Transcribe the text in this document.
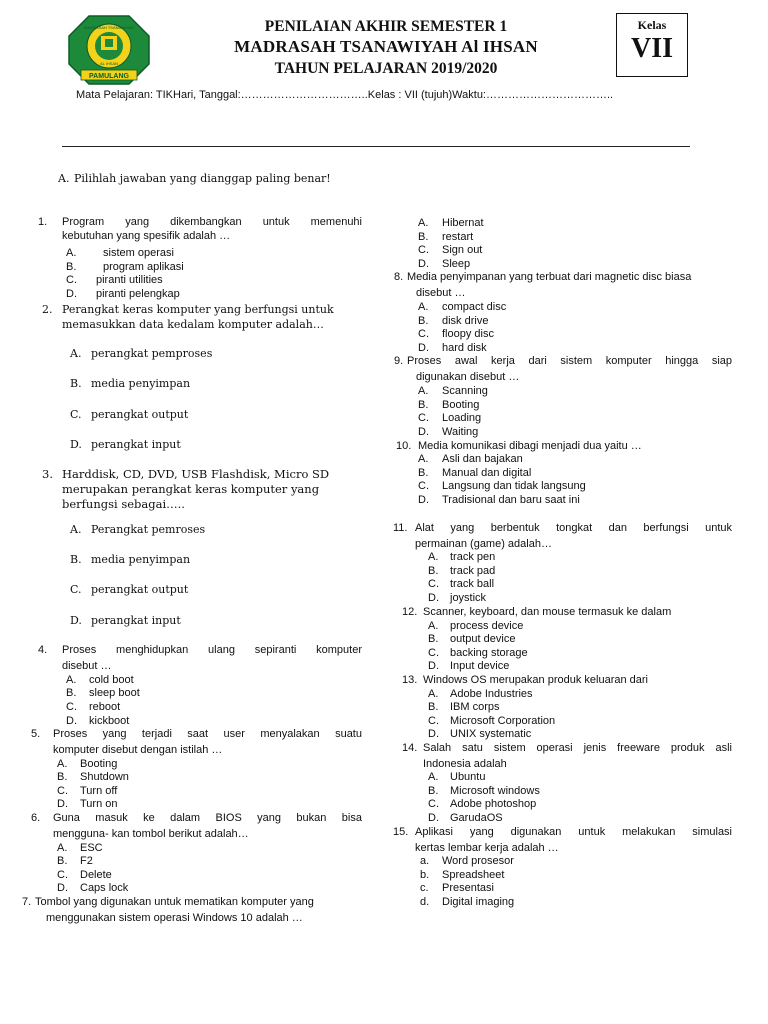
PAMULANG
MADRASAH TSANAWIYAH
AL IHSAN
PENILAIAN AKHIR SEMESTER 1
MADRASAH TSANAWIYAH Al IHSAN
TAHUN PELAJARAN 2019/2020
Kelas
VII
Mata Pelajaran: TIKHari, Tanggal:……………………………..Kelas : VII (tujuh)Waktu:……………………………..
A. Pilihlah jawaban yang dianggap paling benar!
1. Program yang dikembangkan untuk memenuhi
kebutuhan yang spesifik adalah …

A. sistem operasi
B. program aplikasi
C. piranti utilities
D. piranti pelengkap
2. Perangkat keras komputer yang berfungsi untuk
memasukkan data kedalam komputer adalah…
A. perangkat pemproses
B. media penyimpan
C. perangkat output
D. perangkat input
3. Harddisk, CD, DVD, USB Flashdisk, Micro SD
merupakan perangkat keras komputer yang
berfungsi sebagai…..
A. Perangkat pemroses
B. media penyimpan
C. perangkat output
D. perangkat input
4. Proses menghidupkan ulang sepiranti komputer
disebut …
A. cold boot
B. sleep boot
C. reboot
D. kickboot
5. Proses yang terjadi saat user menyalakan suatu
komputer disebut dengan istilah …
A. Booting
B. Shutdown
C. Turn off
D. Turn on
6. Guna masuk ke dalam BIOS yang bukan bisa
mengguna- kan tombol berikut adalah…
A. ESC
B. F2
C. Delete
D. Caps lock
7. Tombol yang digunakan untuk mematikan komputer yang
menggunakan sistem operasi Windows 10 adalah …
A. Hibernat
B. restart
C. Sign out
D. Sleep
8. Media penyimpanan yang terbuat dari magnetic disc biasa
disebut …
A. compact disc
B. disk drive
C. floopy disc
D. hard disk
9. Proses awal kerja dari sistem komputer hingga siap
digunakan disebut …
A. Scanning
B. Booting
C. Loading
D. Waiting
10. Media komunikasi dibagi menjadi dua yaitu …
A. Asli dan bajakan
B. Manual dan digital
C. Langsung dan tidak langsung
D. Tradisional dan baru saat ini
11. Alat yang berbentuk tongkat dan berfungsi untuk
permainan (game) adalah…
A. track pen
B. track pad
C. track ball
D. joystick
12. Scanner, keyboard, dan mouse termasuk ke dalam
A. process device
B. output device
C. backing storage
D. Input device
13. Windows OS merupakan produk keluaran dari
A. Adobe Industries
B. IBM corps
C. Microsoft Corporation
D. UNIX systematic
14. Salah satu sistem operasi jenis freeware produk asli
Indonesia adalah
A. Ubuntu
B. Microsoft windows
C. Adobe photoshop
D. GarudaOS
15. Aplikasi yang digunakan untuk melakukan simulasi
kertas lembar kerja adalah …
a. Word prosesor
b. Spreadsheet
c. Presentasi
d. Digital imaging
